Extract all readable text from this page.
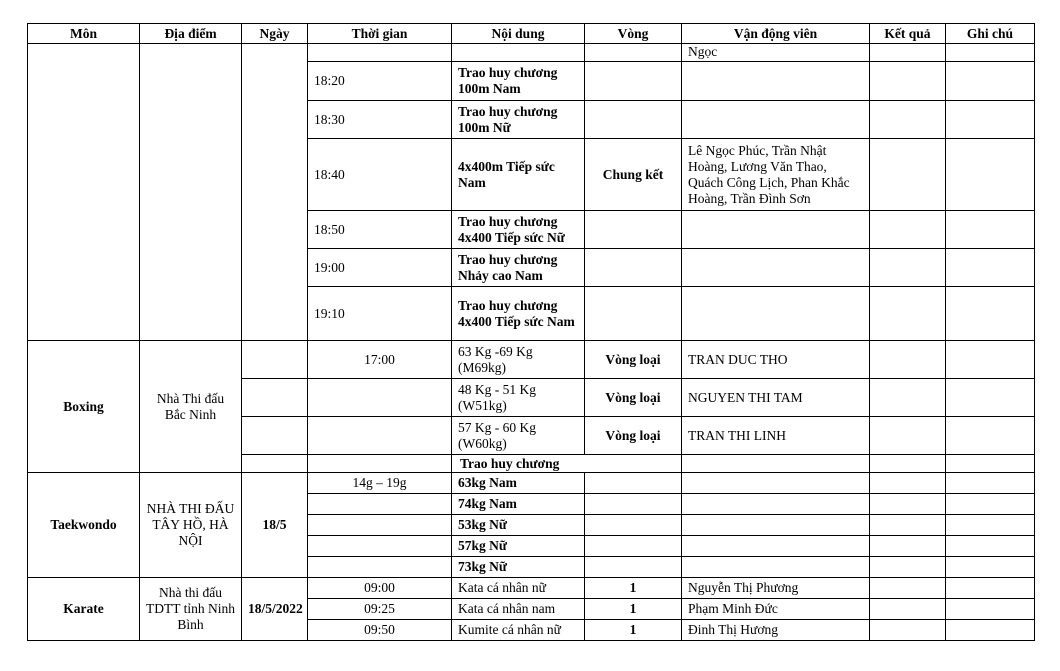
Môn	Địa điểm	Ngày	Thời gian	Nội dung	Vòng	Vận động viên	Kết quả	Ghi chú
						Ngọc		
			18:20	Trao huy chương 100m Nam				
			18:30	Trao huy chương 100m Nữ				
			18:40	4x400m Tiếp sức Nam	Chung kết	Lê Ngọc Phúc, Trần Nhật Hoàng, Lương Văn Thao, Quách Công Lịch, Phan Khắc Hoàng, Trần Đình Sơn		
			18:50	Trao huy chương 4x400 Tiếp sức Nữ				
			19:00	Trao huy chương Nhảy cao Nam				
			19:10	Trao huy chương 4x400 Tiếp sức Nam				
Boxing	Nhà Thi đấu Bắc Ninh		17:00	63 Kg -69 Kg (M69kg)	Vòng loại	TRAN DUC THO		
				48 Kg - 51 Kg (W51kg)	Vòng loại	NGUYEN THI TAM		
				57 Kg - 60 Kg (W60kg)	Vòng loại	TRAN THI LINH		
				Trao huy chương				
Taekwondo	NHÀ THI ĐẤU TÂY HỒ, HÀ NỘI	18/5	14g – 19g	63kg Nam				
				74kg Nam				
				53kg Nữ				
				57kg Nữ				
				73kg Nữ				
Karate	Nhà thi đấu TDTT tỉnh Ninh Bình	18/5/2022	09:00	Kata cá nhân nữ	1	Nguyễn Thị Phương		
			09:25	Kata cá nhân nam	1	Phạm Minh Đức		
			09:50	Kumite cá nhân nữ	1	Đinh Thị Hương		
